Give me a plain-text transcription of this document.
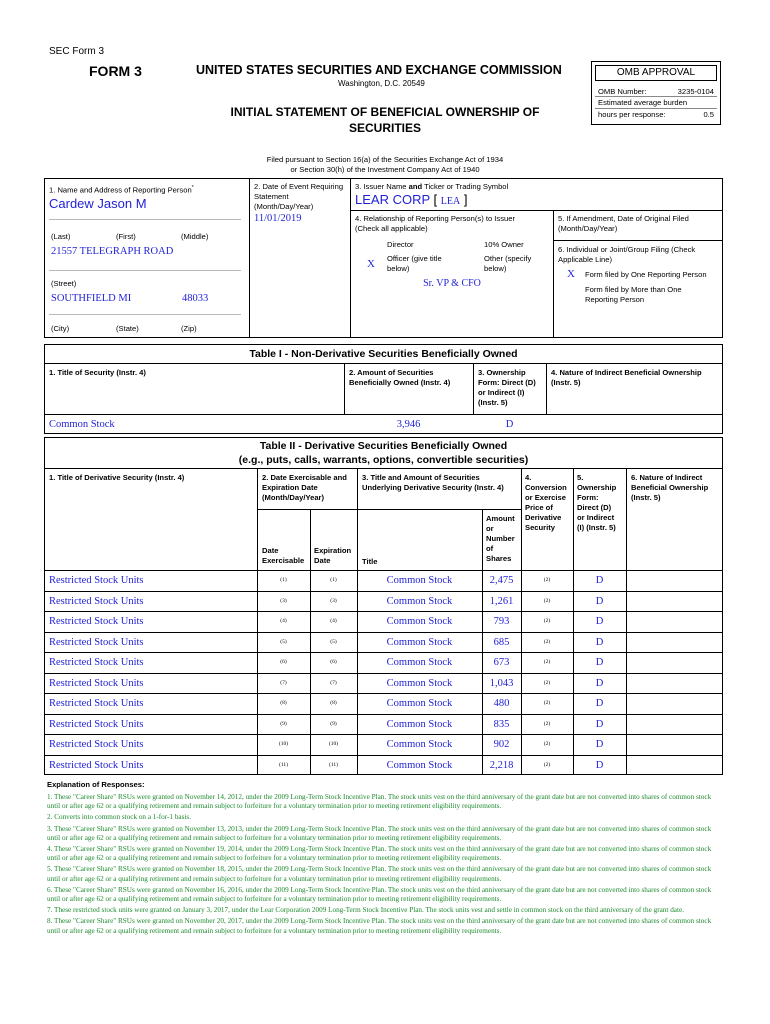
SEC Form 3
FORM 3	UNITED STATES SECURITIES AND EXCHANGE COMMISSION
Washington, D.C. 20549
INITIAL STATEMENT OF BENEFICIAL OWNERSHIP OF
SECURITIES
OMB APPROVAL
OMB Number:	3235-0104
Estimated average burden
hours per response:	0.5
Filed pursuant to Section 16(a) of the Securities Exchange Act of 1934
or Section 30(h) of the Investment Company Act of 1940
1. Name and Address of Reporting Person*
Cardew Jason M
(Last)	(First)	(Middle)
21557 TELEGRAPH ROAD
(Street)
SOUTHFIELD MI	48033
(City)	(State)	(Zip)
2. Date of Event Requiring
Statement
(Month/Day/Year)
11/01/2019
3. Issuer Name and Ticker or Trading Symbol
LEAR CORP [ LEA ]
4. Relationship of Reporting Person(s) to Issuer
(Check all applicable)
Director	10% Owner
X Officer (give title
below)
Other (specify
below)
Sr. VP & CFO
5. If Amendment, Date of Original Filed
(Month/Day/Year)
6. Individual or Joint/Group Filing (Check
Applicable Line)
X Form filed by One Reporting Person
Form filed by More than One
Reporting Person
Table I - Non-Derivative Securities Beneficially Owned
1. Title of Security (Instr. 4)	2. Amount of Securities
Beneficially Owned (Instr. 4)
3. Ownership
Form: Direct (D)
or Indirect (I)
(Instr. 5)
4. Nature of Indirect Beneficial Ownership
(Instr. 5)
Common Stock	3,946	D
Table II - Derivative Securities Beneficially Owned
(e.g., puts, calls, warrants, options, convertible securities)
1. Title of Derivative Security (Instr. 4)	2. Date Exercisable and
Expiration Date
(Month/Day/Year)
3. Title and Amount of Securities
Underlying Derivative Security (Instr. 4)
4.
Conversion
or Exercise
Price of
Derivative
Security
5.
Ownership
Form:
Direct (D)
or Indirect
(I) (Instr. 5)
6. Nature of Indirect
Beneficial Ownership
(Instr. 5)
Date
Exercisable
Expiration
Date	Title
Amount
or
Number
of
Shares
Restricted Stock Units	(1)	(1)	Common Stock	2,475	(2)	D
Restricted Stock Units	(3)	(3)	Common Stock	1,261	(2)	D
Restricted Stock Units	(4)	(4)	Common Stock	793	(2)	D
Restricted Stock Units	(5)	(5)	Common Stock	685	(2)	D
Restricted Stock Units	(6)	(6)	Common Stock	673	(2)	D
Restricted Stock Units	(7)	(7)	Common Stock	1,043	(2)	D
Restricted Stock Units	(8)	(8)	Common Stock	480	(2)	D
Restricted Stock Units	(9)	(9)	Common Stock	835	(2)	D
Restricted Stock Units	(10)	(10)	Common Stock	902	(2)	D
Restricted Stock Units	(11)	(11)	Common Stock	2,218	(2)	D
Explanation of Responses:

1. These "Career Share" RSUs were granted on November 14, 2012, under the 2009 Long-Term Stock Incentive Plan. The stock units vest on the third anniversary of the grant date but are not converted into shares of common stock until or after age 62 or a qualifying retirement and remain subject to forfeiture for a voluntary termination prior to meeting retirement eligibility requirements.

2. Converts into common stock on a 1-for-1 basis.

3. These "Career Share" RSUs were granted on November 13, 2013, under the 2009 Long-Term Stock Incentive Plan. The stock units vest on the third anniversary of the grant date but are not converted into shares of common stock until or after age 62 or a qualifying retirement and remain subject to forfeiture for a voluntary termination prior to meeting retirement eligibility requirements.

4. These "Career Share" RSUs were granted on November 19, 2014, under the 2009 Long-Term Stock Incentive Plan. The stock units vest on the third anniversary of the grant date but are not converted into shares of common stock until or after age 62 or a qualifying retirement and remain subject to forfeiture for a voluntary termination prior to meeting retirement eligibility requirements.

5. These "Career Share" RSUs were granted on November 18, 2015, under the 2009 Long-Term Stock Incentive Plan. The stock units vest on the third anniversary of the grant date but are not converted into shares of common stock until or after age 62 or a qualifying retirement and remain subject to forfeiture for a voluntary termination prior to meeting retirement eligibility requirements.

6. These "Career Share" RSUs were granted on November 16, 2016, under the 2009 Long-Term Stock Incentive Plan. The stock units vest on the third anniversary of the grant date but are not converted into shares of common stock until or after age 62 or a qualifying retirement and remain subject to forfeiture for a voluntary termination prior to meeting retirement eligibility requirements.

7. These restricted stock units were granted on January 3, 2017, under the Lear Corporation 2009 Long-Term Stock Incentive Plan. The stock units vest and settle in common stock on the third anniversary of the grant date.

8. These "Career Share" RSUs were granted on November 20, 2017, under the 2009 Long-Term Stock Incentive Plan. The stock units vest on the third anniversary of the grant date but are not converted into shares of common stock until or after age 62 or a qualifying retirement and remain subject to forfeiture for a voluntary termination prior to meeting retirement eligibility requirements.
